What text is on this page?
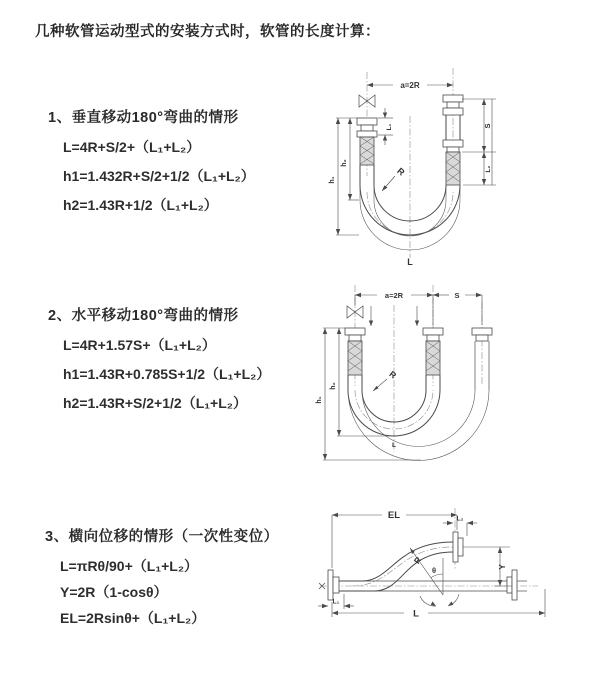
几种软管运动型式的安装方式时，软管的长度计算：
1、垂直移动180°弯曲的情形
L=4R+S/2+（L₁+L₂）
h1=1.432R+S/2+1/2（L₁+L₂）
h2=1.43R+1/2（L₁+L₂）
2、水平移动180°弯曲的情形
L=4R+1.57S+（L₁+L₂）
h1=1.43R+0.785S+1/2（L₁+L₂）
h2=1.43R+S/2+1/2（L₁+L₂）
3、横向位移的情形（一次性变位）
L=πRθ/90+（L₁+L₂）
Y=2R（1-cosθ）
EL=2Rsinθ+（L₁+L₂）
a=2R
h₁
h₂
L₁	S
L₂
R
L
a=2R	S
h₁
h₂
R
L
EL	L₂
Y
R
θ
L₁
L
